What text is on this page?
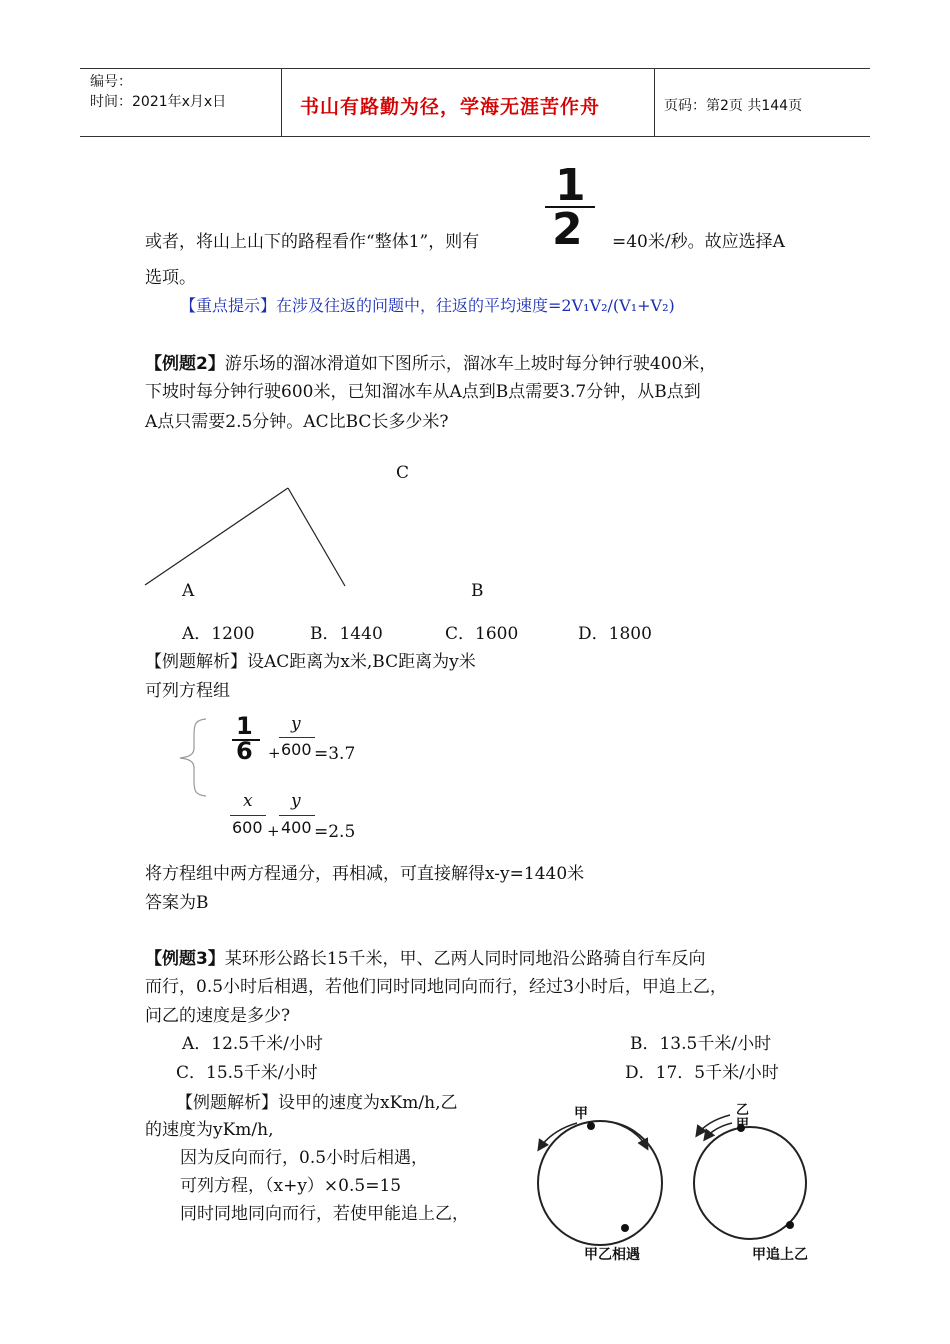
编号：
时间：2021年x月x日	书山有路勤为径，学海无涯苦作舟	页码：第2页 共144页
1
2
或者，将山上山下的路程看作“整体1”，则有	=40米/秒。故应选择A
选项。
【重点提示】在涉及往返的问题中，往返的平均速度=2V₁V₂/(V₁+V₂)
【例题2】游乐场的溜冰滑道如下图所示，溜冰车上坡时每分钟行驶400米，
下坡时每分钟行驶600米，已知溜冰车从A点到B点需要3.7分钟，从B点到
A点只需要2.5分钟。AC比BC长多少米?
C
A	B
A．1200	B．1440	C．1600	D．1800
【例题解析】设AC距离为x米,BC距离为y米
可列方程组
1
6 +
y
600 =3.7
x
600 +
y
400 =2.5
将方程组中两方程通分，再相减，可直接解得x-y=1440米
答案为B
【例题3】某环形公路长15千米，甲、乙两人同时同地沿公路骑自行车反向
而行，0.5小时后相遇，若他们同时同地同向而行，经过3小时后，甲追上乙，
问乙的速度是多少?
A．12.5千米/小时	B．13.5千米/小时
C．15.5千米/小时	D．17．5千米/小时
【例题解析】设甲的速度为xKm/h,乙
的速度为yKm/h,
因为反向而行，0.5小时后相遇，
可列方程，（x+y）×0.5=15
同时同地同向而行，若使甲能追上乙，
甲
甲乙相遇
乙
甲
甲追上乙
